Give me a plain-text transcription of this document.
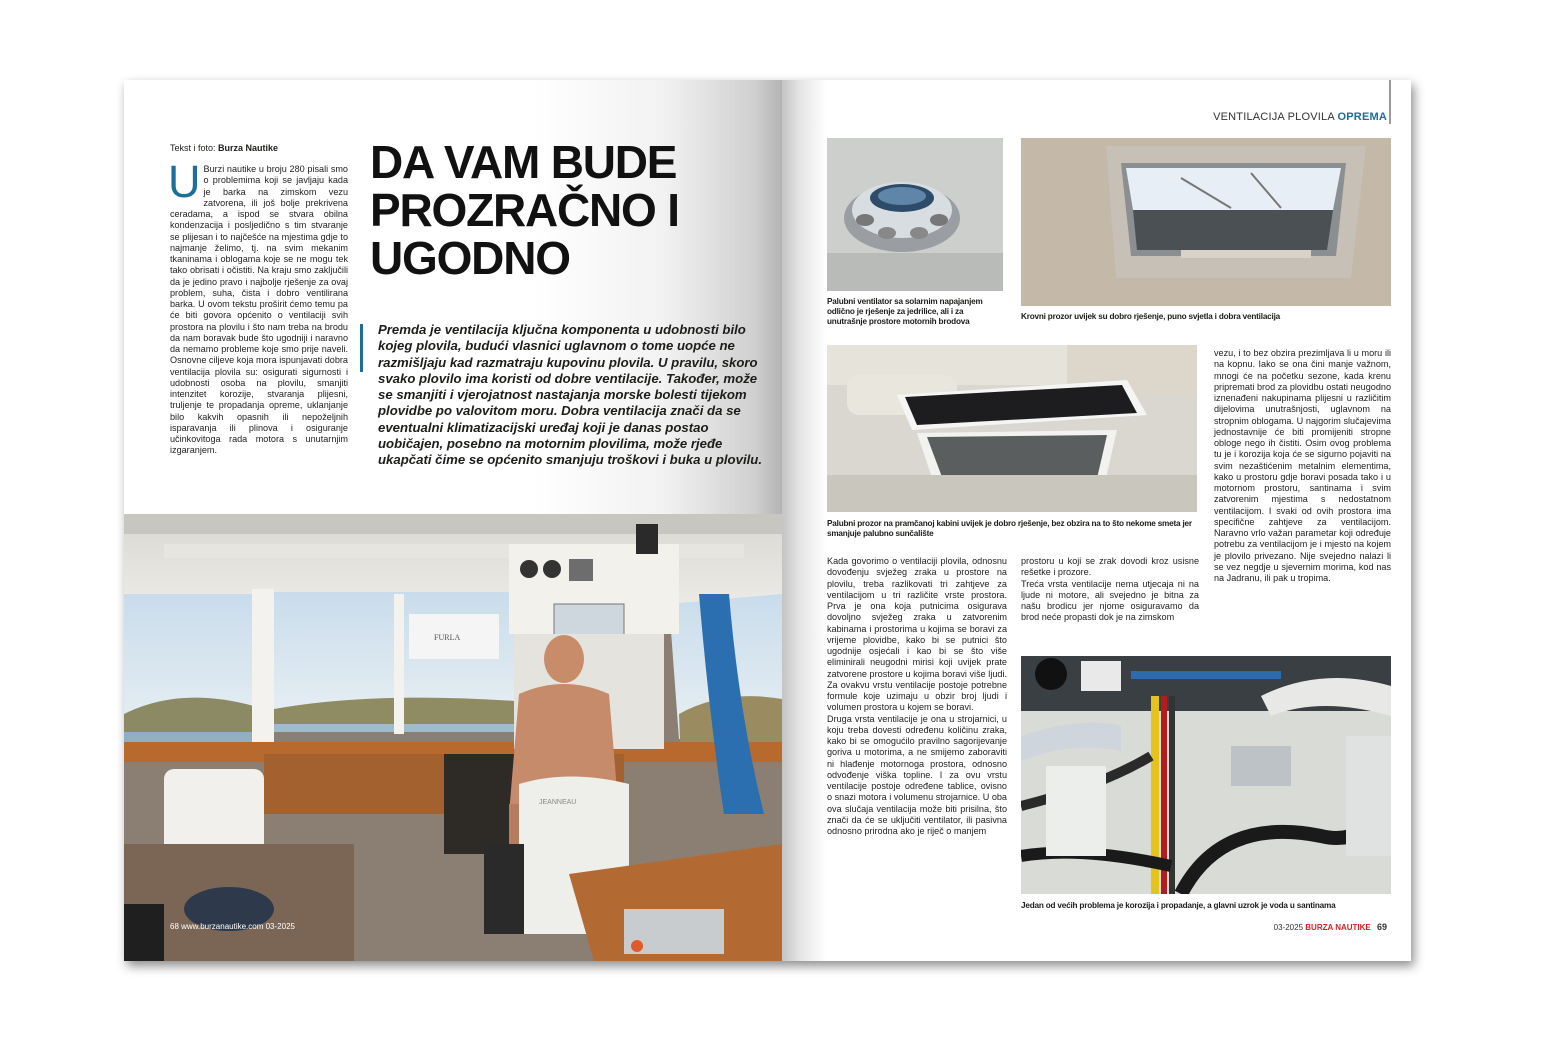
Tekst i foto: Burza Nautike
U Burzi nautike u broju 280 pisali smo o problemima koji se javljaju kada je barka na zimskom vezu zatvorena, ili još bolje prekrivena ceradama, a ispod se stvara obilna kondenzacija i posljedično s tim stvaranje se plijesan i to najčešće na mjestima gdje to najmanje želimo, tj. na svim mekanim tkaninama i oblogama koje se ne mogu tek tako obrisati i očistiti. Na kraju smo zaključili da je jedino pravo i najbolje rješenje za ovaj problem, suha, čista i dobro ventilirana barka. U ovom tekstu proširit ćemo temu pa će biti govora općenito o ventilaciji svih prostora na plovilu i što nam treba na brodu da nam boravak bude što ugodniji i naravno da nemamo probleme koje smo prije naveli. Osnovne ciljeve koja mora ispunjavati dobra ventilacija plovila su: osigurati sigurnosti i udobnosti osoba na plovilu, smanjiti intenzitet korozije, stvaranja plijesni, truljenje te propadanja opreme, uklanjanje bilo kakvih opasnih ili nepoželjnih isparavanja ili plinova i osiguranje učinkovitoga rada motora s unutarnjim izgaranjem.
DA VAM BUDE
PROZRAČNO I
UGODNO
Premda je ventilacija ključna komponenta u udobnosti bilo kojeg plovila, budući vlasnici uglavnom o tome uopće ne razmišljaju kad razmatraju kupovinu plovila. U pravilu, skoro svako plovilo ima koristi od dobre ventilacije. Također, može se smanjiti i vjerojatnost nastajanja morske bolesti tijekom plovidbe po valovitom moru. Dobra ventilacija znači da se eventualni klimatizacijski uređaj koji je danas postao uobičajen, posebno na motornim plovilima, može rjeđe ukapčati čime se općenito smanjuju troškovi i buka u plovilu.
FURLA
JEANNEAU
68 www.burzanautike.com 03-2025
VENTILACIJA PLOVILA OPREMA
Palubni ventilator sa solarnim napajanjem odlično je rješenje za jedrilice, ali i za unutrašnje prostore motornih brodova
Krovni prozor uvijek su dobro rješenje, puno svjetla i dobra ventilacija
Palubni prozor na pramčanoj kabini uvijek je dobro rješenje, bez obzira na to što nekome smeta jer smanjuje palubno sunčalište
Kada govorimo o ventilaciji plovila, odnosnu dovođenju svježeg zraka u prostore na plovilu, treba razlikovati tri zahtjeve za ventilacijom u tri različite vrste prostora. Prva je ona koja putnicima osigurava dovoljno svježeg zraka u zatvorenim kabinama i prostorima u kojima se boravi za vrijeme plovidbe, kako bi se putnici što ugodnije osjećali i kao bi se što više eliminirali neugodni mirisi koji uvijek prate zatvorene prostore u kojima boravi više ljudi. Za ovakvu vrstu ventilacije postoje potrebne formule koje uzimaju u obzir broj ljudi i volumen prostora u kojem se boravi.
Druga vrsta ventilacije je ona u strojarnici, u koju treba dovesti određenu količinu zraka, kako bi se omogućilo pravilno sagorijevanje goriva u motorima, a ne smijemo zaboraviti ni hlađenje motornoga prostora, odnosno odvođenje viška topline. I za ovu vrstu ventilacije postoje određene tablice, ovisno o snazi motora i volumenu strojarnice. U oba ova slučaja ventilacija može biti prisilna, što znači da će se uključiti ventilator, ili pasivna odnosno prirodna ako je riječ o manjem
prostoru u koji se zrak dovodi kroz usisne rešetke i prozore.
Treća vrsta ventilacije nema utjecaja ni na ljude ni motore, ali svejedno je bitna za našu brodicu jer njome osiguravamo da brod neće propasti dok je na zimskom
vezu, i to bez obzira prezimljava li u moru ili na kopnu. Iako se ona čini manje važnom, mnogi će na početku sezone, kada krenu pripremati brod za plovidbu ostati neugodno iznenađeni nakupinama plijesni u različitim dijelovima unutrašnjosti, uglavnom na stropnim oblogama. U najgorim slučajevima jednostavnije će biti promijeniti stropne obloge nego ih čistiti. Osim ovog problema tu je i korozija koja će se sigurno pojaviti na svim nezaštićenim metalnim elementima, kako u prostoru gdje boravi posada tako i u motornom prostoru, santinama i svim zatvorenim mjestima s nedostatnom ventilacijom. I svaki od ovih prostora ima specifične zahtjeve za ventilacijom. Naravno vrlo važan parametar koji određuje potrebu za ventilacijom je i mjesto na kojem je plovilo privezano. Nije svejedno nalazi li se vez negdje u sjevernim morima, kod nas na Jadranu, ili pak u tropima.
Jedan od većih problema je korozija i propadanje, a glavni uzrok je voda u santinama
03-2025 BURZA NAUTIKE 69
